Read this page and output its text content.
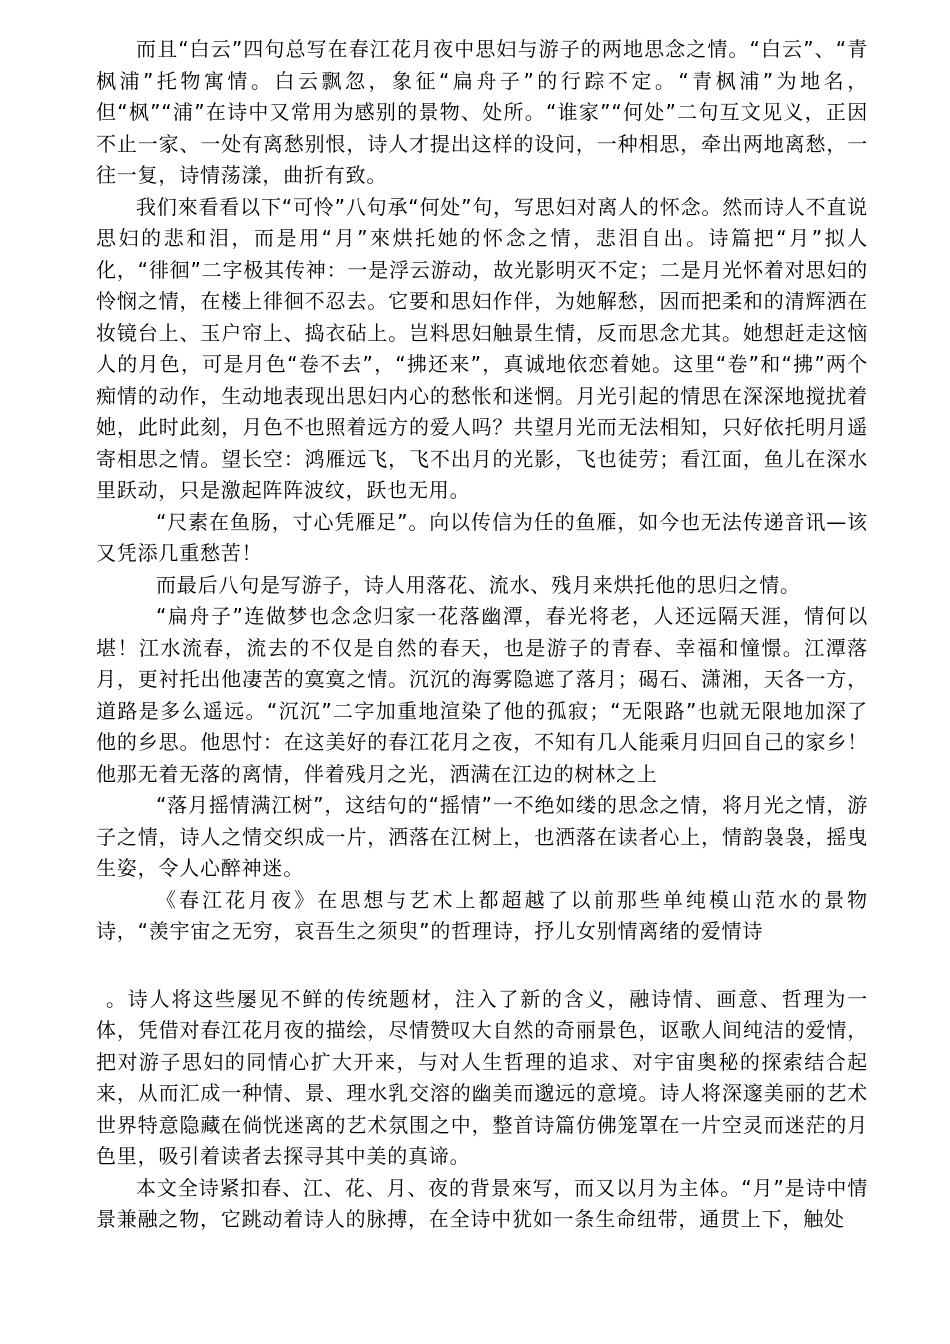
而且“白云”四句总写在春江花月夜中思妇与游子的两地思念之情。“白云”、“青枫浦”托物寓情。白云飘忽，象征“扁舟子”的行踪不定。“青枫浦”为地名，但“枫”“浦”在诗中又常用为感别的景物、处所。“谁家”“何处”二句互文见义，正因不止一家、一处有离愁别恨，诗人才提出这样的设问，一种相思，牵出两地离愁，一往一复，诗情荡漾，曲折有致。

我们來看看以下“可怜”八句承“何处”句，写思妇对离人的怀念。然而诗人不直说思妇的悲和泪，而是用“月”來烘托她的怀念之情，悲泪自出。诗篇把“月”拟人化，“徘徊”二字极其传神：一是浮云游动，故光影明灭不定；二是月光怀着对思妇的怜悯之情，在楼上徘徊不忍去。它要和思妇作伴，为她解愁，因而把柔和的清辉洒在妆镜台上、玉户帘上、捣衣砧上。岂料思妇触景生情，反而思念尤其。她想赶走这恼人的月色，可是月色“卷不去”，“拂还来”，真诚地依恋着她。这里“卷”和“拂”两个痴情的动作，生动地表现出思妇内心的愁怅和迷惘。月光引起的情思在深深地搅扰着她，此时此刻，月色不也照着远方的爱人吗？共望月光而无法相知，只好依托明月遥寄相思之情。望长空：鸿雁远飞，飞不出月的光影，飞也徒劳；看江面，鱼儿在深水里跃动，只是激起阵阵波纹，跃也无用。

“尺素在鱼肠，寸心凭雁足”。向以传信为任的鱼雁，如今也无法传递音讯—该又凭添几重愁苦！

而最后八句是写游子，诗人用落花、流水、残月来烘托他的思归之情。

“扁舟子”连做梦也念念归家一花落幽潭，春光将老，人还远隔天涯，情何以堪！江水流春，流去的不仅是自然的春天，也是游子的青春、幸福和憧憬。江潭落月，更衬托出他凄苦的寞寞之情。沉沉的海雾隐遮了落月；碣石、潇湘，天各一方，道路是多么遥远。“沉沉”二字加重地渲染了他的孤寂；“无限路”也就无限地加深了他的乡思。他思忖：在这美好的春江花月之夜，不知有几人能乘月归回自己的家乡！他那无着无落的离情，伴着残月之光，洒满在江边的树林之上

“落月摇情满江树”，这结句的“摇情”一不绝如缕的思念之情，将月光之情，游子之情，诗人之情交织成一片，洒落在江树上，也洒落在读者心上，情韵袅袅，摇曳生姿，令人心醉神迷。

《春江花月夜》在思想与艺术上都超越了以前那些单纯模山范水的景物诗，“羡宇宙之无穷，哀吾生之须臾”的哲理诗，抒儿女别情离绪的爱情诗

。诗人将这些屡见不鲜的传统题材，注入了新的含义，融诗情、画意、哲理为一体，凭借对春江花月夜的描绘，尽情赞叹大自然的奇丽景色，讴歌人间纯洁的爱情，把对游子思妇的同情心扩大开来，与对人生哲理的追求、对宇宙奥秘的探索结合起来，从而汇成一种情、景、理水乳交溶的幽美而邈远的意境。诗人将深邃美丽的艺术世界特意隐藏在倘恍迷离的艺术氛围之中，整首诗篇仿佛笼罩在一片空灵而迷茫的月色里，吸引着读者去探寻其中美的真谛。

本文全诗紧扣春、江、花、月、夜的背景來写，而又以月为主体。“月”是诗中情景兼融之物，它跳动着诗人的脉搏，在全诗中犹如一条生命纽带，通贯上下，触处
